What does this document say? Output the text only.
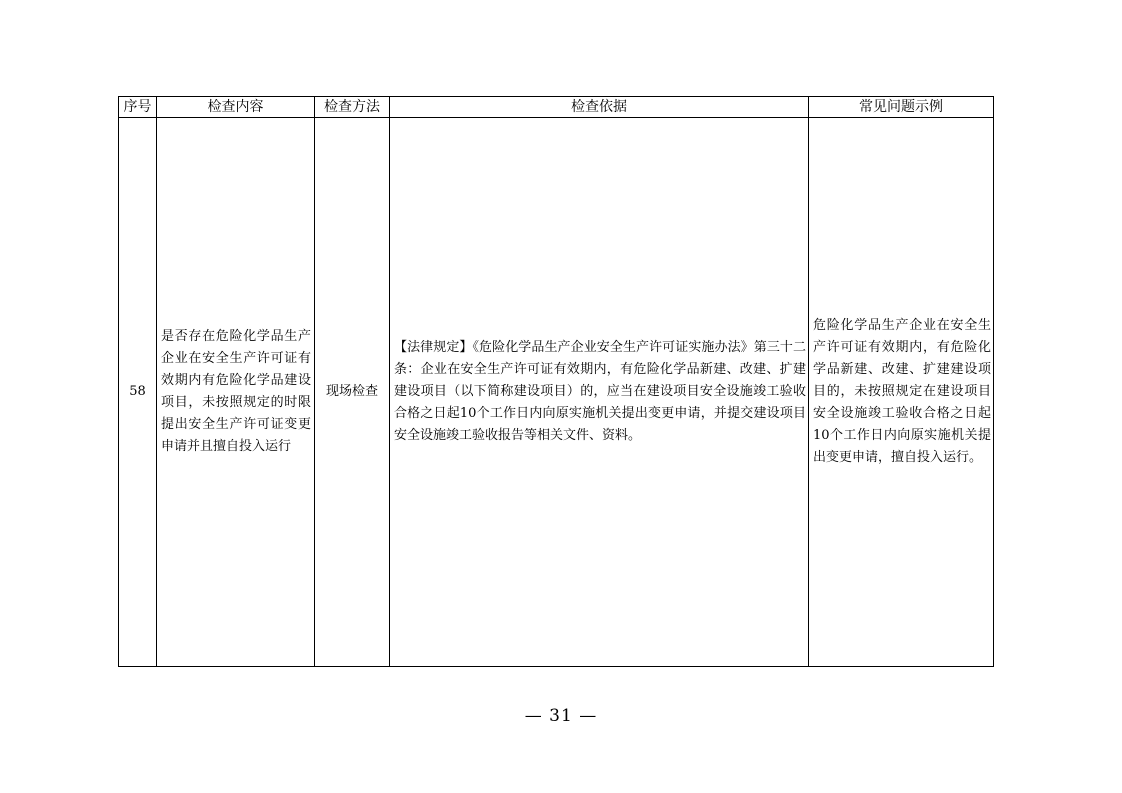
序号	检查内容	检查方法	检查依据	常见问题示例
58	是否存在危险化学品生产企业在安全生产许可证有效期内有危险化学品建设项目，未按照规定的时限提出安全生产许可证变更申请并且擅自投入运行	现场检查	【法律规定】《危险化学品生产企业安全生产许可证实施办法》第三十二条：企业在安全生产许可证有效期内，有危险化学品新建、改建、扩建建设项目（以下简称建设项目）的，应当在建设项目安全设施竣工验收合格之日起10个工作日内向原实施机关提出变更申请，并提交建设项目安全设施竣工验收报告等相关文件、资料。	危险化学品生产企业在安全生产许可证有效期内，有危险化学品新建、改建、扩建建设项目的，未按照规定在建设项目安全设施竣工验收合格之日起10个工作日内向原实施机关提出变更申请，擅自投入运行。
— 31 —
